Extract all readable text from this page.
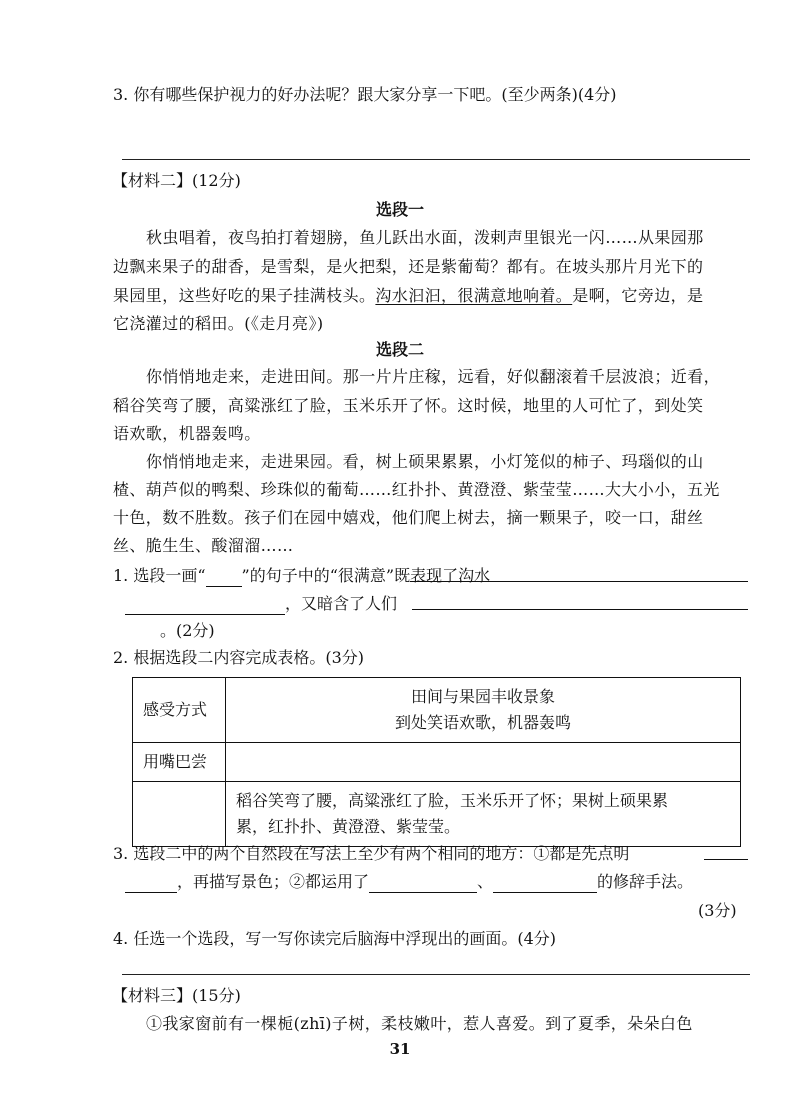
3. 你有哪些保护视力的好办法呢？跟大家分享一下吧。(至少两条)(4分)
【材料二】(12分)
选段一
秋虫唱着，夜鸟拍打着翅膀，鱼儿跃出水面，泼剌声里银光一闪……从果园那
边飘来果子的甜香，是雪梨，是火把梨，还是紫葡萄？都有。在坡头那片月光下的
果园里，这些好吃的果子挂满枝头。沟水汩汩，很满意地响着。是啊，它旁边，是
它浇灌过的稻田。(《走月亮》)
选段二
你悄悄地走来，走进田间。那一片片庄稼，远看，好似翻滚着千层波浪；近看，
稻谷笑弯了腰，高粱涨红了脸，玉米乐开了怀。这时候，地里的人可忙了，到处笑
语欢歌，机器轰鸣。
你悄悄地走来，走进果园。看，树上硕果累累，小灯笼似的柿子、玛瑙似的山
楂、葫芦似的鸭梨、珍珠似的葡萄……红扑扑、黄澄澄、紫莹莹……大大小小，五光
十色，数不胜数。孩子们在园中嬉戏，他们爬上树去，摘一颗果子，咬一口，甜丝
丝、脆生生、酸溜溜……
1. 选段一画“ ”的句子中的“很满意”既表现了沟水
，又暗含了人们
。(2分)
2. 根据选段二内容完成表格。(3分)
感受方式	田间与果园丰收景象
到处笑语欢歌，机器轰鸣

用嘴巴尝	

	稻谷笑弯了腰，高粱涨红了脸，玉米乐开了怀；果树上硕果累
累，红扑扑、黄澄澄、紫莹莹。
3. 选段二中的两个自然段在写法上至少有两个相同的地方：①都是先点明
，再描写景色；②都运用了	、	的修辞手法。
(3分)
4. 任选一个选段，写一写你读完后脑海中浮现出的画面。(4分)
【材料三】(15分)
①我家窗前有一棵栀(zhī)子树，柔枝嫩叶，惹人喜爱。到了夏季，朵朵白色
31
